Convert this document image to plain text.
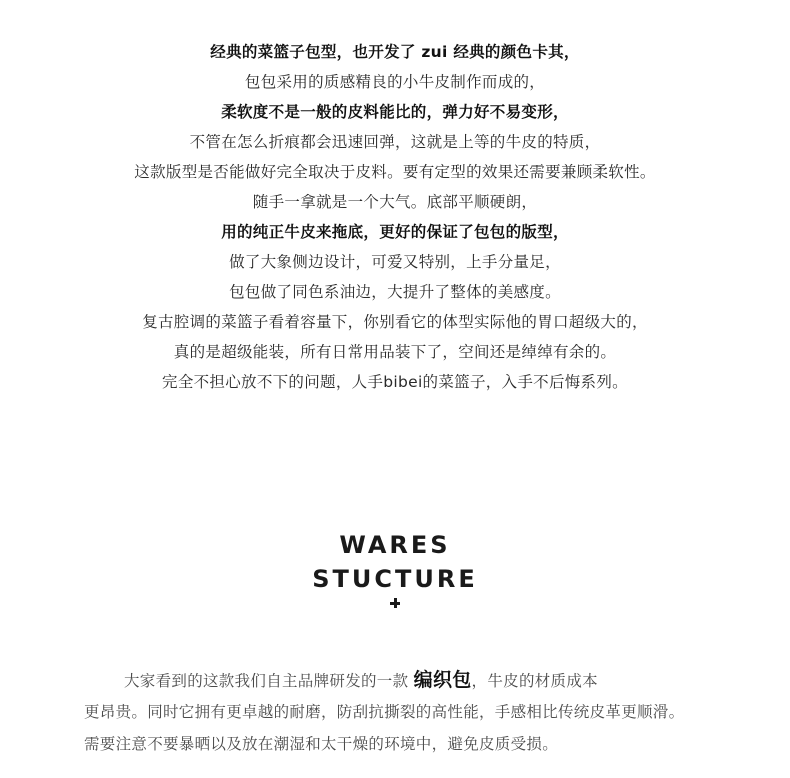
经典的菜篮子包型，也开发了 zui 经典的颜色卡其，
包包采用的质感精良的小牛皮制作而成的，
柔软度不是一般的皮料能比的，弹力好不易变形，
不管在怎么折痕都会迅速回弹，这就是上等的牛皮的特质，
这款版型是否能做好完全取决于皮料。要有定型的效果还需要兼顾柔软性。
随手一拿就是一个大气。底部平顺硬朗，
用的纯正牛皮来拖底，更好的保证了包包的版型，
做了大象侧边设计，可爱又特别，上手分量足，
包包做了同色系油边，大提升了整体的美感度。
复古腔调的菜篮子看着容量下，你别看它的体型实际他的胃口超级大的，
真的是超级能装，所有日常用品装下了，空间还是绰绰有余的。
完全不担心放不下的问题，人手bibei的菜篮子，入手不后悔系列。
WARES
STUCTURE
大家看到的这款我们自主品牌研发的一款 编织包，牛皮的材质成本
更昂贵。同时它拥有更卓越的耐磨，防刮抗撕裂的高性能，手感相比传统皮革更顺滑。
需要注意不要暴晒以及放在潮湿和太干燥的环境中，避免皮质受损。
